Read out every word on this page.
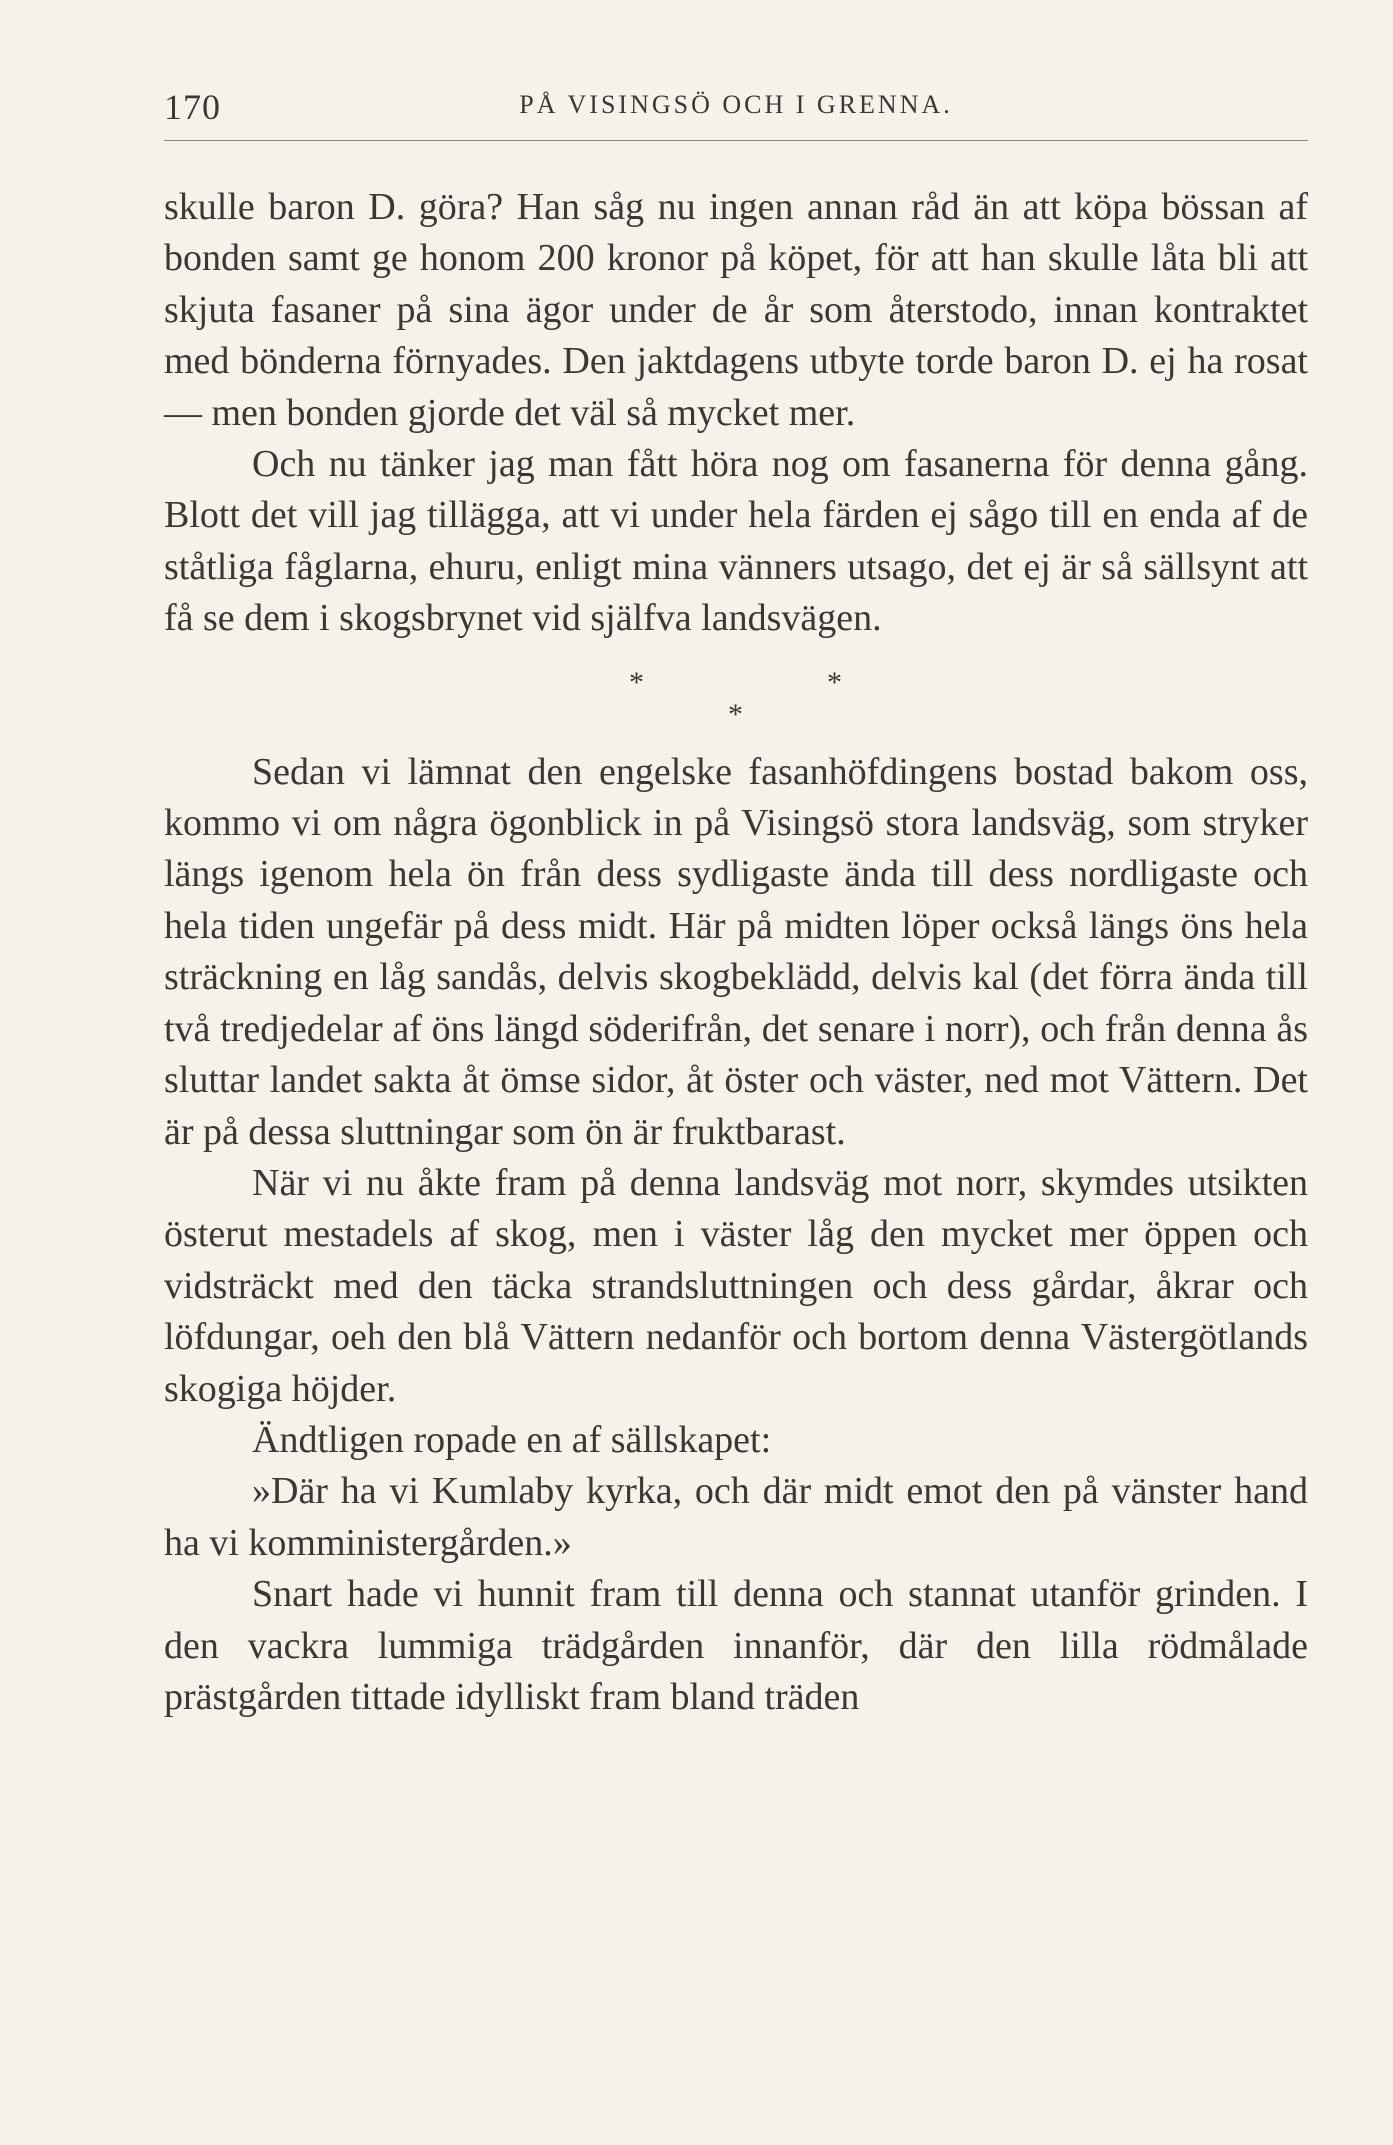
170	PÅ VISINGSÖ OCH I GRENNA.

skulle baron D. göra? Han såg nu ingen annan råd än att köpa bössan af bonden samt ge honom 200 kronor på köpet, för att han skulle låta bli att skjuta fasaner på sina ägor under de år som återstodo, innan kontraktet med bönderna förnyades. Den jaktdagens utbyte torde baron D. ej ha rosat — men bonden gjorde det väl så mycket mer.

Och nu tänker jag man fått höra nog om fasanerna för denna gång. Blott det vill jag tillägga, att vi under hela färden ej sågo till en enda af de ståtliga fåglarna, ehuru, enligt mina vänners utsago, det ej är så sällsynt att få se dem i skogsbrynet vid själfva landsvägen.

*	*
*

Sedan vi lämnat den engelske fasanhöfdingens bostad bakom oss, kommo vi om några ögonblick in på Visingsö stora landsväg, som stryker längs igenom hela ön från dess sydligaste ända till dess nordligaste och hela tiden ungefär på dess midt. Här på midten löper också längs öns hela sträckning en låg sandås, delvis skogbeklädd, delvis kal (det förra ända till två tredjedelar af öns längd söderifrån, det senare i norr), och från denna ås sluttar landet sakta åt ömse sidor, åt öster och väster, ned mot Vättern. Det är på dessa sluttningar som ön är fruktbarast.

När vi nu åkte fram på denna landsväg mot norr, skymdes utsikten österut mestadels af skog, men i väster låg den mycket mer öppen och vidsträckt med den täcka strandsluttningen och dess gårdar, åkrar och löfdungar, oeh den blå Vättern nedanför och bortom denna Västergötlands skogiga höjder.

Ändtligen ropade en af sällskapet:

»Där ha vi Kumlaby kyrka, och där midt emot den på vänster hand ha vi komministergården.»

Snart hade vi hunnit fram till denna och stannat utanför grinden. I den vackra lummiga trädgården innanför, där den lilla rödmålade prästgården tittade idylliskt fram bland träden
